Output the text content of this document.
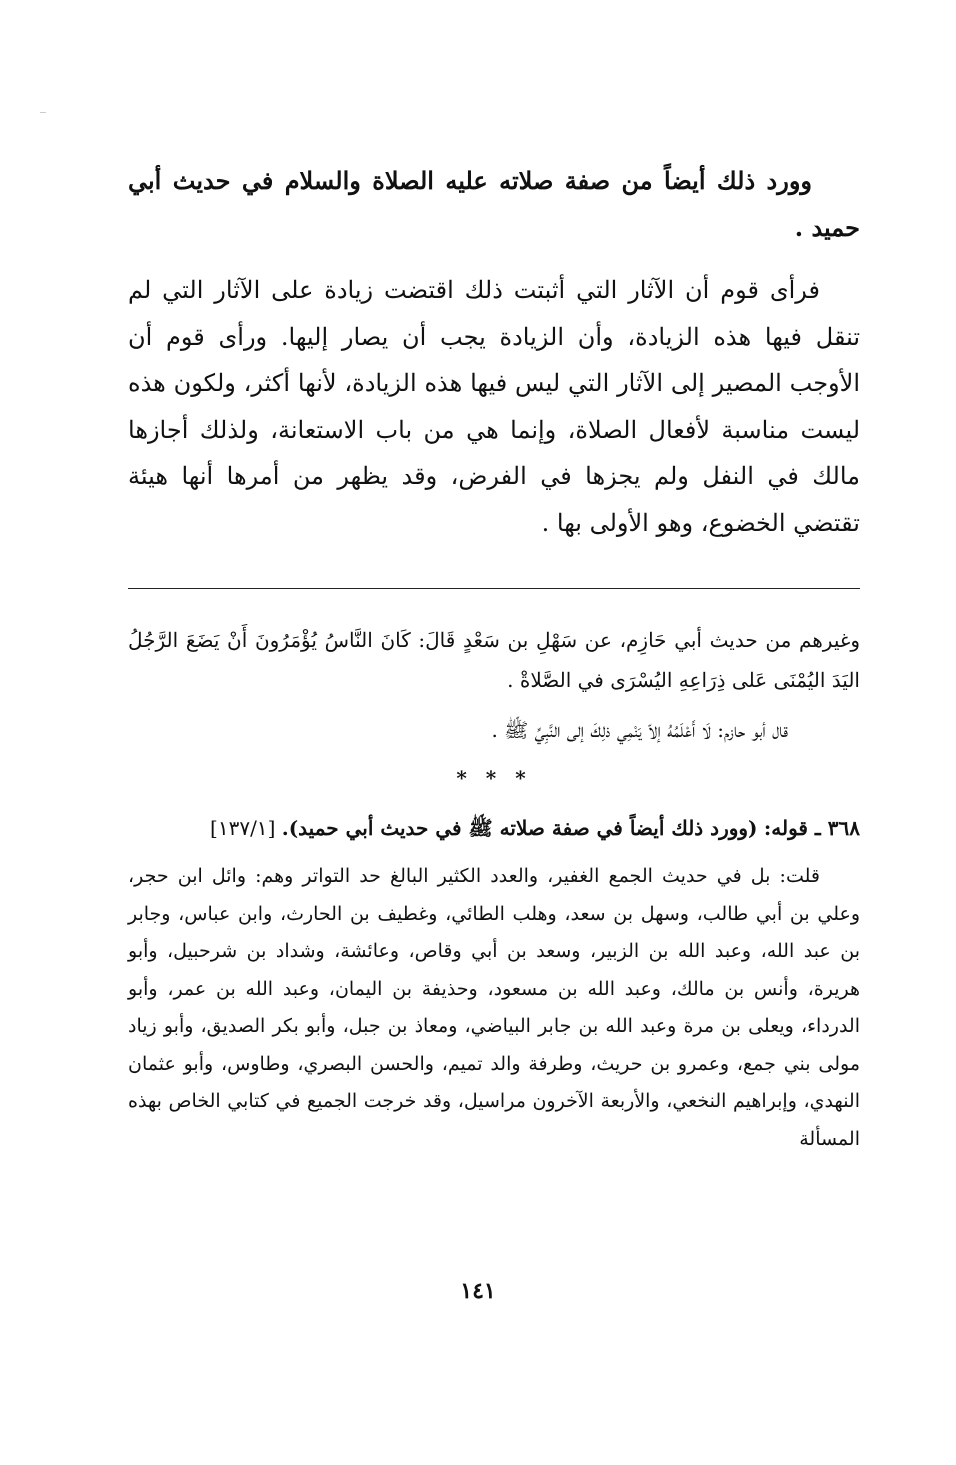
وورد ذلك أيضاً من صفة صلاته عليه الصلاة والسلام في حديث أبي حميد .

فرأى قوم أن الآثار التي أثبتت ذلك اقتضت زيادة على الآثار التي لم تنقل فيها هذه الزيادة، وأن الزيادة يجب أن يصار إليها. ورأى قوم أن الأوجب المصير إلى الآثار التي ليس فيها هذه الزيادة، لأنها أكثر، ولكون هذه ليست مناسبة لأفعال الصلاة، وإنما هي من باب الاستعانة، ولذلك أجازها مالك في النفل ولم يجزها في الفرض، وقد يظهر من أمرها أنها هيئة تقتضي الخضوع، وهو الأولى بها .

وغيرهم من حديث أبي حَازِم، عن سَهْلِ بن سَعْدٍ قَالَ: كَانَ النَّاسُ يُؤْمَرُونَ أَنْ يَضَعَ الرَّجُلُ اليَدَ اليُمْنَى عَلى ذِرَاعِهِ اليُسْرَى في الصَّلاةْ .

قال أبو حازم: لَا أَعْلَمُهُ إلاّ يَنْمِي ذلِكَ إلى النَّبِيِّ ﷺ .

* * *

٣٦٨ ـ قوله: (وورد ذلك أيضاً في صفة صلاته ﷺ في حديث أبي حميد). [١٣٧/١]

قلت: بل في حديث الجمع الغفير، والعدد الكثير البالغ حد التواتر وهم: وائل ابن حجر، وعلي بن أبي طالب، وسهل بن سعد، وهلب الطائي، وغطيف بن الحارث، وابن عباس، وجابر بن عبد الله، وعبد الله بن الزبير، وسعد بن أبي وقاص، وعائشة، وشداد بن شرحبيل، وأبو هريرة، وأنس بن مالك، وعبد الله بن مسعود، وحذيفة بن اليمان، وعبد الله بن عمر، وأبو الدرداء، ويعلى بن مرة وعبد الله بن جابر البياضي، ومعاذ بن جبل، وأبو بكر الصديق، وأبو زياد مولى بني جمع، وعمرو بن حريث، وطرفة والد تميم، والحسن البصري، وطاوس، وأبو عثمان النهدي، وإبراهيم النخعي، والأربعة الآخرون مراسيل، وقد خرجت الجميع في كتابي الخاص بهذه المسألة

١٤١
